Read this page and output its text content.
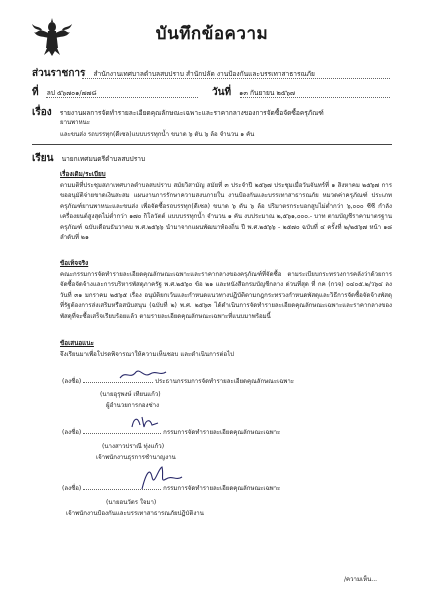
บันทึกข้อความ
ส่วนราชการ สำนักงานเทศบาลตำบลสบปราบ สำนักปลัด งานป้องกันและบรรเทาสาธารณภัย
ที่ ลป ๕๖๗๐๑/๗๗๘	วันที่ ๑๓ กันยายน ๒๕๖๗
เรื่อง รายงานผลการจัดทำรายละเอียดคุณลักษณะเฉพาะและราคากลางของการจัดซื้อจัดซื้อครุภัณฑ์
ยานพาหนะ
และขนส่ง รถบรรทุก(ดีเซล)แบบบรรทุกน้ำ ขนาด ๖ ตัน ๖ ล้อ จำนวน ๑ คัน
เรียน นายกเทศมนตรีตำบลสบปราบ
เรื่องเดิม/ระเบียบ

ตามมติที่ประชุมสภาเทศบาลตำบลสบปราบ สมัยวิสามัญ สมัยที่ ๓ ประจำปี ๒๕๖๗ ประชุมเมื่อวันจันทร์ที่ ๑ สิงหาคม ๒๕๖๗ การขออนุมัติจ่ายขาดเงินสะสม แผนงานการรักษาความสงบภายใน งานป้องกันและบรรเทาสาธารณภัย หมวดค่าครุภัณฑ์ ประเภทครุภัณฑ์ยานพาหนะและขนส่ง เพื่อจัดซื้อรถบรรทุก(ดีเซล) ขนาด ๖ ตัน ๖ ล้อ ปริมาตรกระบอกสูบไม่ต่ำกว่า ๖,๐๐๐ ซีซี กำลังเครื่องยนต์สูงสุดไม่ต่ำกว่า ๑๗๐ กิโลวัตต์ แบบบรรทุกน้ำ จำนวน ๑ คัน งบประมาณ ๒,๕๖๑,๐๐๐.- บาท ตามบัญชีราคามาตรฐานครุภัณฑ์ ฉบับเดือนธันวาคม พ.ศ.๒๕๖๖ นำมาจากแผนพัฒนาท้องถิ่น ปี พ.ศ.๒๕๖๖ - ๒๕๗๐ ฉบับที่ ๔ ครั้งที่ ๒/๒๕๖๗ หน้า ๑๘ ลำดับที่ ๒๑

ข้อเท็จจริง

คณะกรรมการจัดทำรายละเอียดคุณลักษณะเฉพาะและราคากลางของครุภัณฑ์ที่จัดซื้อ ตามระเบียบกระทรวงการคลังว่าด้วยการจัดซื้อจัดจ้างและการบริหารพัสดุภาครัฐ พ.ศ.๒๕๖๐ ข้อ ๒๑ และหนังสือกรมบัญชีกลาง ด่วนที่สุด ที่ กค (กวจ) ๐๔๐๕.๒/ว๖๔ ลงวันที่ ๓๑ มกราคม ๒๕๖๕ เรื่อง อนุมัติยกเว้นและกำหนดแนวทางปฏิบัติตามกฎกระทรวงกำหนดพัสดุและวิธีการจัดซื้อจัดจ้างพัสดุที่รัฐต้องการส่งเสริมหรือสนับสนุน (ฉบับที่ ๒) พ.ศ. ๒๕๖๓ ได้ดำเนินการจัดทำรายละเอียดคุณลักษณะเฉพาะและราคากลางของพัสดุที่จะซื้อเสร็จเรียบร้อยแล้ว ตามรายละเอียดคุณลักษณะเฉพาะที่แนบมาพร้อมนี้

ข้อเสนอแนะ
จึงเรียนมาเพื่อโปรดพิจารณาให้ความเห็นชอบ และดำเนินการต่อไป
(ลงชื่อ)	ประธานกรรมการจัดทำรายละเอียดคุณลักษณะเฉพาะ
(นายอุรุพงษ์ เทียนแก้ว)
ผู้อำนวยการกองช่าง
(ลงชื่อ)	กรรมการจัดทำรายละเอียดคุณลักษณะเฉพาะ
(นางสาวปราณี ทุ่งแก้ว)
เจ้าพนักงานธุรการชำนาญงาน
(ลงชื่อ)	กรรมการจัดทำรายละเอียดคุณลักษณะเฉพาะ
(นายอนวัตร ใจมา)
เจ้าพนักงานป้องกันและบรรเทาสาธารณภัยปฏิบัติงาน
/ความเห็น...
